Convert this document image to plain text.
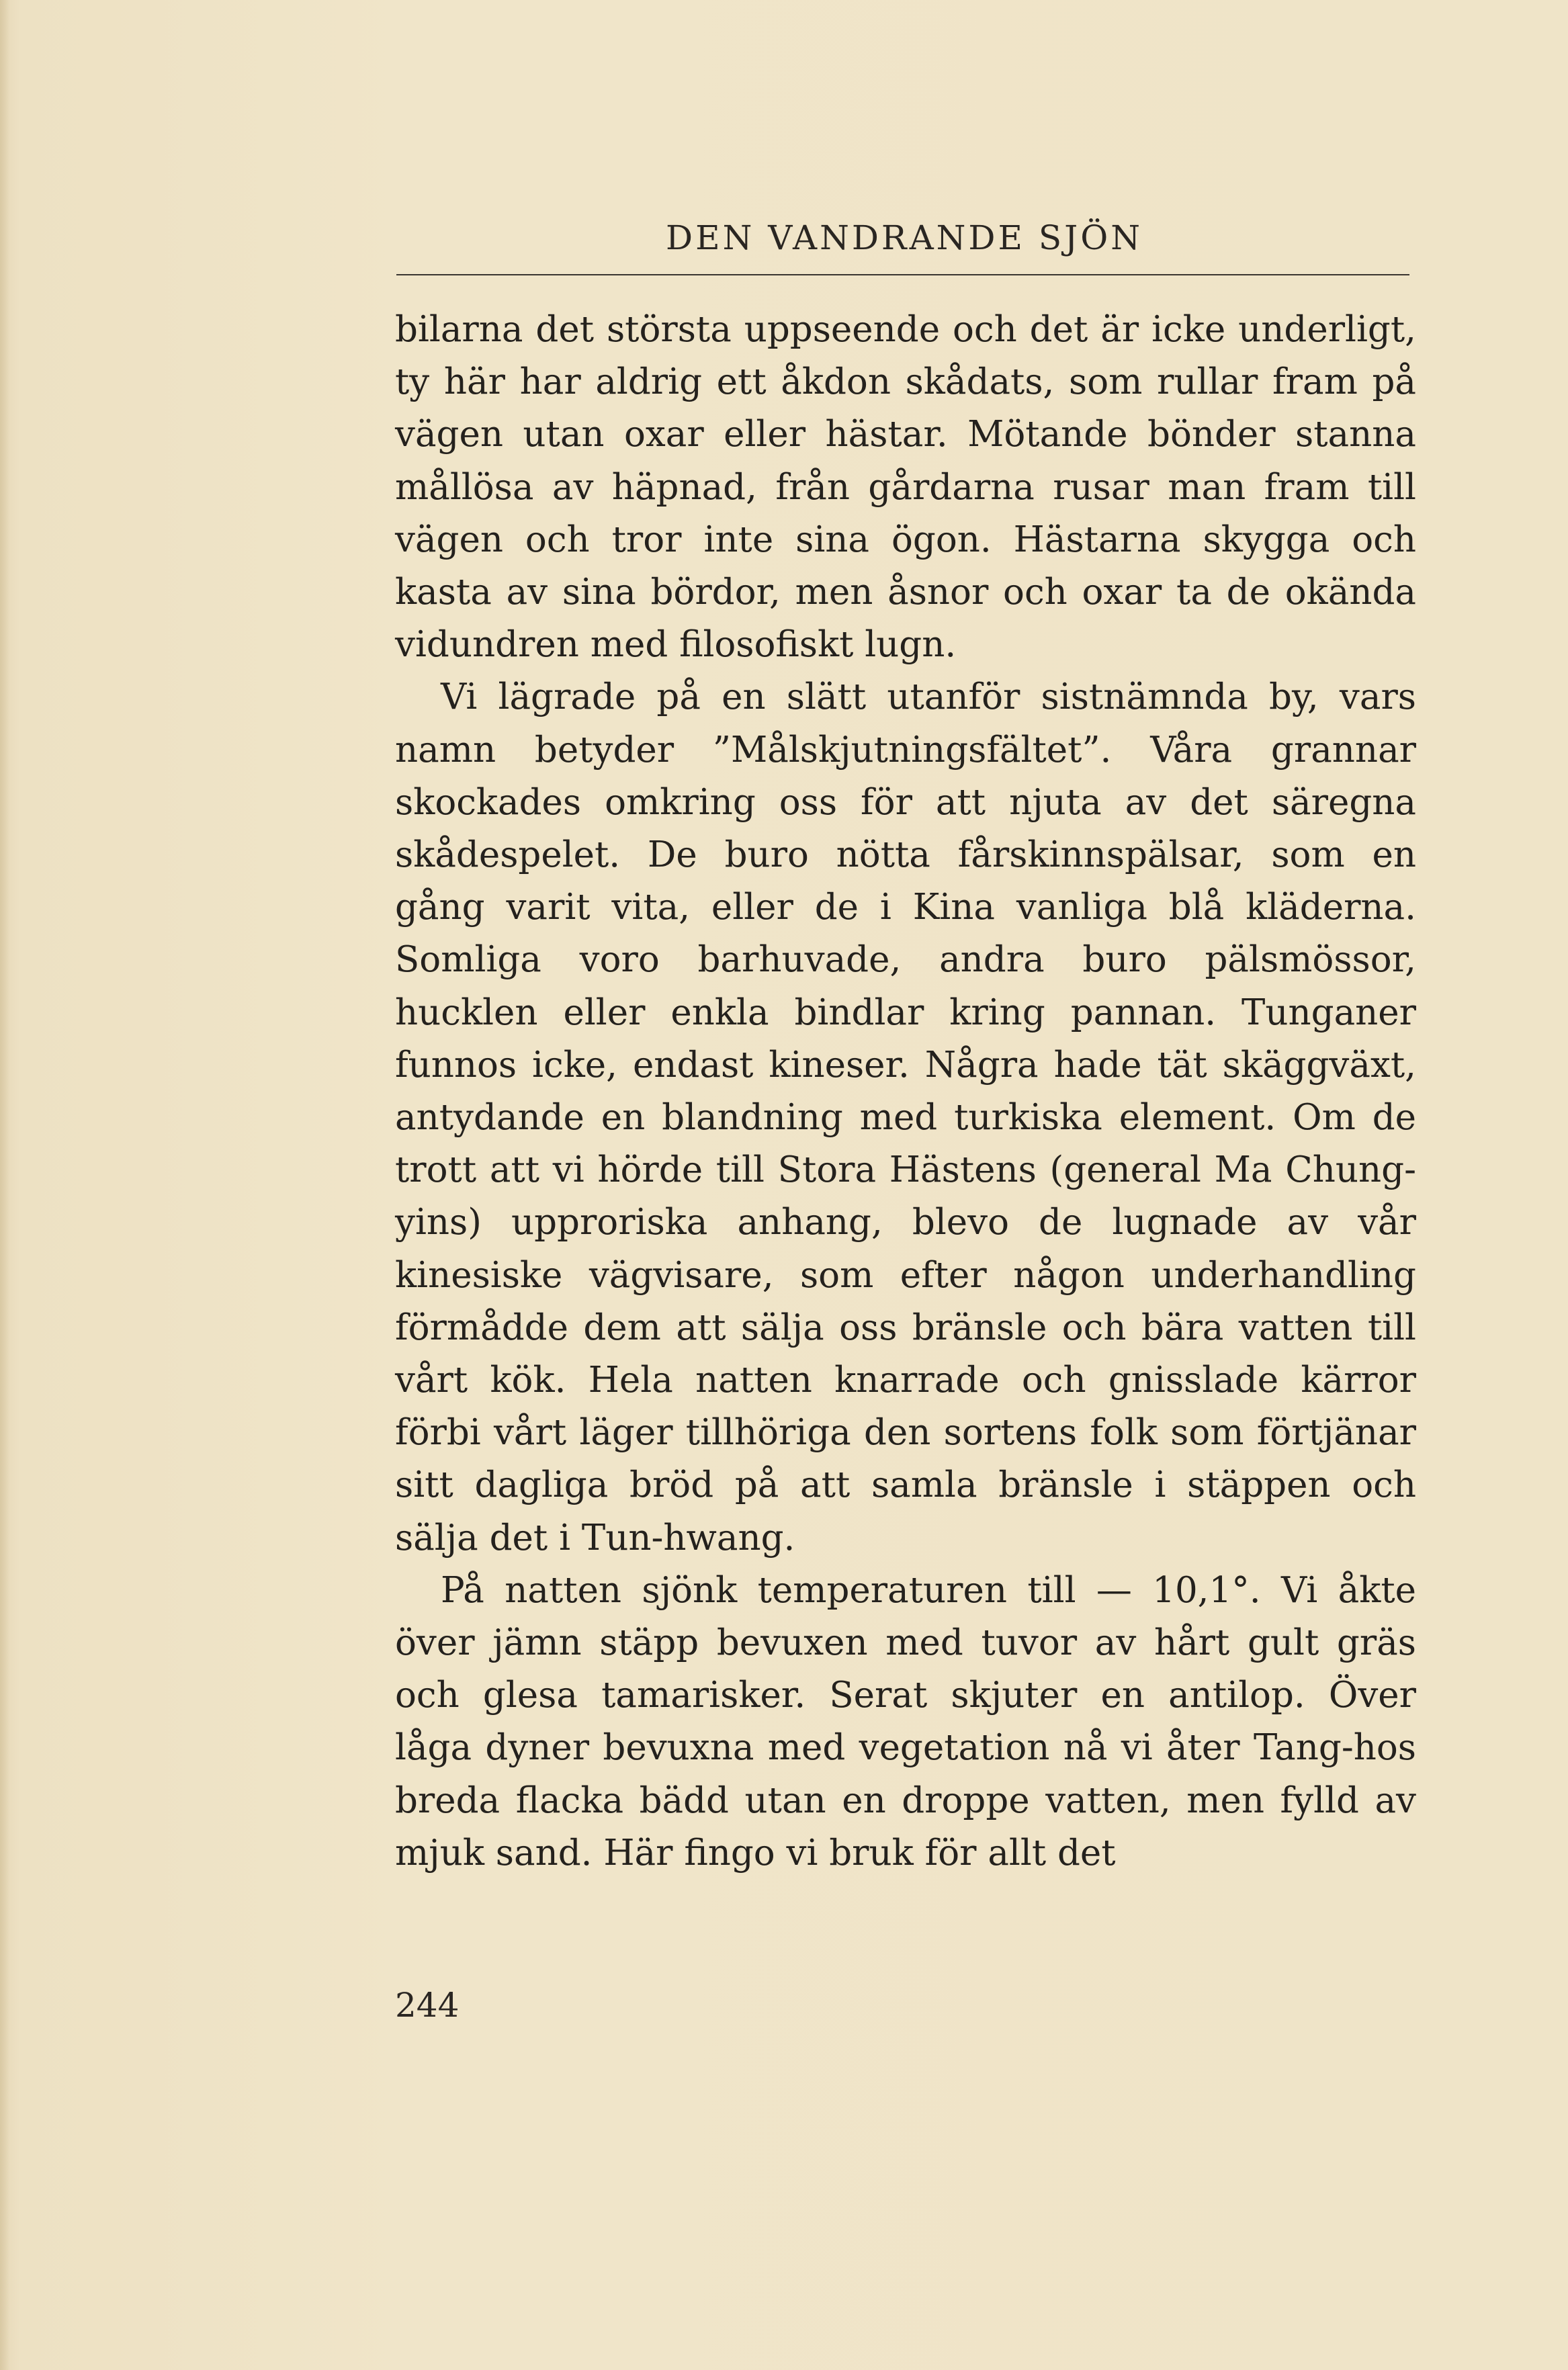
DEN VANDRANDE SJÖN

bilarna det största uppseende och det är icke underligt, ty här har aldrig ett åkdon skådats, som rullar fram på vägen utan oxar eller hästar. Mötande bönder stanna mållösa av häpnad, från gårdarna rusar man fram till vägen och tror inte sina ögon. Hästarna skygga och kasta av sina bördor, men åsnor och oxar ta de okända vidundren med filosofiskt lugn.

Vi lägrade på en slätt utanför sistnämnda by, vars namn betyder ”Målskjutningsfältet”. Våra grannar skockades omkring oss för att njuta av det säregna skådespelet. De buro nötta fårskinnspälsar, som en gång varit vita, eller de i Kina vanliga blå kläderna. Somliga voro barhuvade, andra buro pälsmössor, hucklen eller enkla bindlar kring pannan. Tunganer funnos icke, endast kineser. Några hade tät skäggväxt, antydande en blandning med turkiska element. Om de trott att vi hörde till Stora Hästens (general Ma Chung-yins) upproriska anhang, blevo de lugnade av vår kinesiske vägvisare, som efter någon underhandling förmådde dem att sälja oss bränsle och bära vatten till vårt kök. Hela natten knarrade och gnisslade kärror förbi vårt läger tillhöriga den sortens folk som förtjänar sitt dagliga bröd på att samla bränsle i stäppen och sälja det i Tun-hwang.

På natten sjönk temperaturen till — 10,1°. Vi åkte över jämn stäpp bevuxen med tuvor av hårt gult gräs och glesa tamarisker. Serat skjuter en antilop. Över låga dyner bevuxna med vegetation nå vi åter Tang-hos breda flacka bädd utan en droppe vatten, men fylld av mjuk sand. Här fingo vi bruk för allt det

244
